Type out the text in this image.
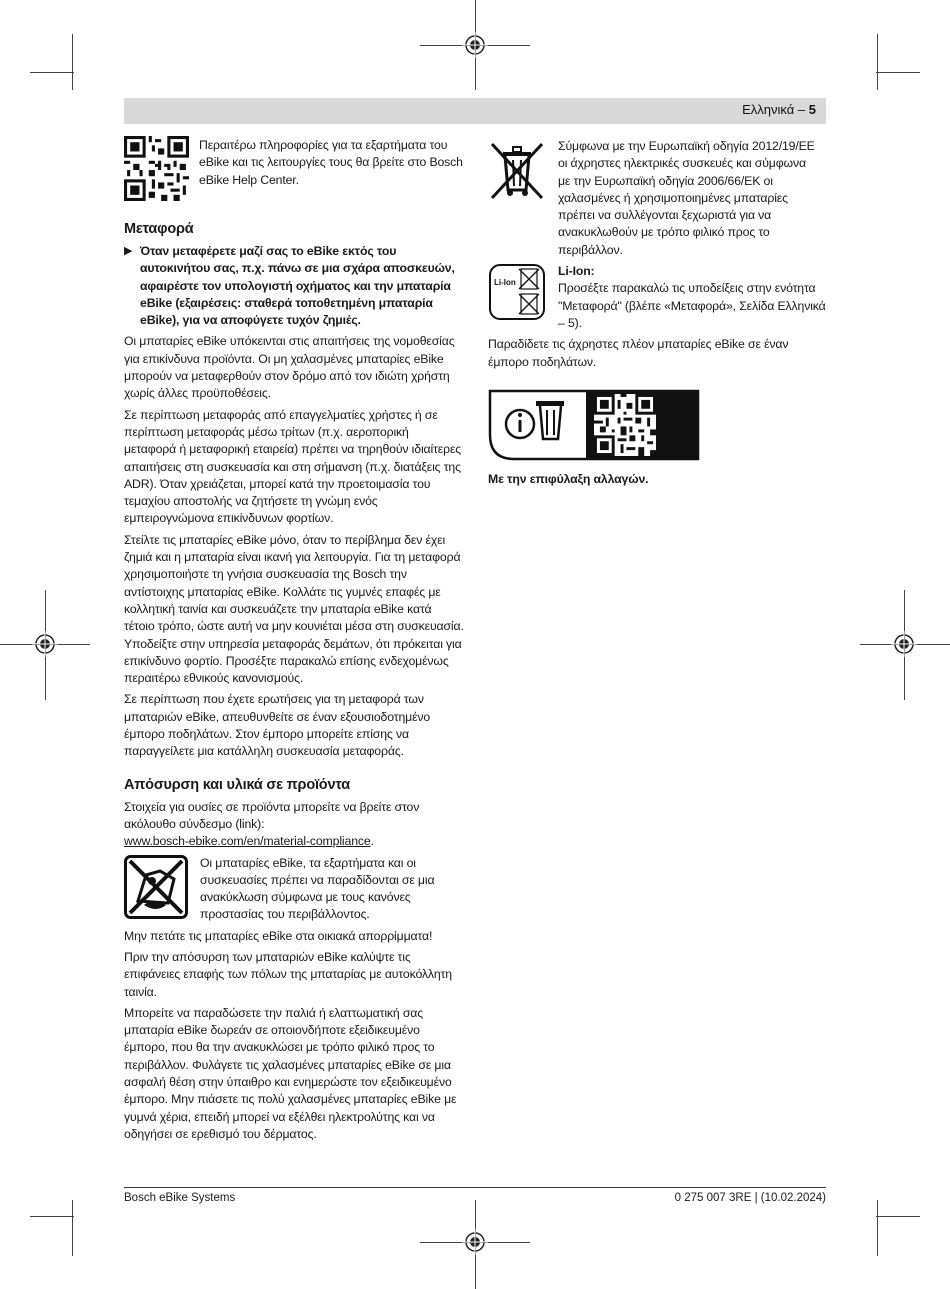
Ελληνικά – 5
Περαιτέρω πληροφορίες για τα εξαρτήματα του eBike και τις λειτουργίες τους θα βρείτε στο Bosch eBike Help Center.
Μεταφορά
▶ Όταν μεταφέρετε μαζί σας το eBike εκτός του αυτοκινήτου σας, π.χ. πάνω σε μια σχάρα αποσκευών, αφαιρέστε τον υπολογιστή οχήματος και την μπαταρία eBike (εξαιρέσεις: σταθερά τοποθετημένη μπαταρία eBike), για να αποφύγετε τυχόν ζημιές.

Οι μπαταρίες eBike υπόκεινται στις απαιτήσεις της νομοθεσίας για επικίνδυνα προϊόντα. Οι μη χαλασμένες μπαταρίες eBike μπορούν να μεταφερθούν στον δρόμο από τον ιδιώτη χρήστη χωρίς άλλες προϋποθέσεις.

Σε περίπτωση μεταφοράς από επαγγελματίες χρήστες ή σε περίπτωση μεταφοράς μέσω τρίτων (π.χ. αεροπορική μεταφορά ή μεταφορική εταιρεία) πρέπει να τηρηθούν ιδιαίτερες απαιτήσεις στη συσκευασία και στη σήμανση (π.χ. διατάξεις της ADR). Όταν χρειάζεται, μπορεί κατά την προετοιμασία του τεμαχίου αποστολής να ζητήσετε τη γνώμη ενός εμπειρογνώμονα επικίνδυνων φορτίων.

Στείλτε τις μπαταρίες eBike μόνο, όταν το περίβλημα δεν έχει ζημιά και η μπαταρία είναι ικανή για λειτουργία. Για τη μεταφορά χρησιμοποιήστε τη γνήσια συσκευασία της Bosch την αντίστοιχης μπαταρίας eBike. Κολλάτε τις γυμνές επαφές με κολλητική ταινία και συσκευάζετε την μπαταρία eBike κατά τέτοιο τρόπο, ώστε αυτή να μην κουνιέται μέσα στη συσκευασία. Υποδείξτε στην υπηρεσία μεταφοράς δεμάτων, ότι πρόκειται για επικίνδυνο φορτίο. Προσέξτε παρακαλώ επίσης ενδεχομένως περαιτέρω εθνικούς κανονισμούς.

Σε περίπτωση που έχετε ερωτήσεις για τη μεταφορά των μπαταριών eBike, απευθυνθείτε σε έναν εξουσιοδοτημένο έμπορο ποδηλάτων. Στον έμπορο μπορείτε επίσης να παραγγείλετε μια κατάλληλη συσκευασία μεταφοράς.

Απόσυρση και υλικά σε προϊόντα

Στοιχεία για ουσίες σε προϊόντα μπορείτε να βρείτε στον ακόλουθο σύνδεσμο (link):
www.bosch-ebike.com/en/material-compliance.

Οι μπαταρίες eBike, τα εξαρτήματα και οι συσκευασίες πρέπει να παραδίδονται σε μια ανακύκλωση σύμφωνα με τους κανόνες προστασίας του περιβάλλοντος.

Μην πετάτε τις μπαταρίες eBike στα οικιακά απορρίμματα!

Πριν την απόσυρση των μπαταριών eBike καλύψτε τις επιφάνειες επαφής των πόλων της μπαταρίας με αυτοκόλλητη ταινία.

Μπορείτε να παραδώσετε την παλιά ή ελαττωματική σας μπαταρία eBike δωρεάν σε οποιονδήποτε εξειδικευμένο έμπορο, που θα την ανακυκλώσει με τρόπο φιλικό προς το περιβάλλον. Φυλάγετε τις χαλασμένες μπαταρίες eBike σε μια ασφαλή θέση στην ύπαιθρο και ενημερώστε τον εξειδικευμένο έμπορο. Μην πιάσετε τις πολύ χαλασμένες μπαταρίες eBike με γυμνά χέρια, επειδή μπορεί να εξέλθει ηλεκτρολύτης και να οδηγήσει σε ερεθισμό του δέρματος.

Σύμφωνα με την Ευρωπαϊκή οδηγία 2012/19/ΕΕ οι άχρηστες ηλεκτρικές συσκευές και σύμφωνα με την Ευρωπαϊκή οδηγία 2006/66/ΕΚ οι χαλασμένες ή χρησιμοποιημένες μπαταρίες πρέπει να συλλέγονται ξεχωριστά για να ανακυκλωθούν με τρόπο φιλικό προς το περιβάλλον.
Li-Ion
Li-Ion:
Προσέξτε παρακαλώ τις υποδείξεις στην ενότητα "Μεταφορά" (βλέπε «Μεταφορά», Σελίδα Ελληνικά – 5).
Παραδίδετε τις άχρηστες πλέον μπαταρίες eBike σε έναν έμπορο ποδηλάτων.
Με την επιφύλαξη αλλαγών.
Bosch eBike Systems	0 275 007 3RE | (10.02.2024)
